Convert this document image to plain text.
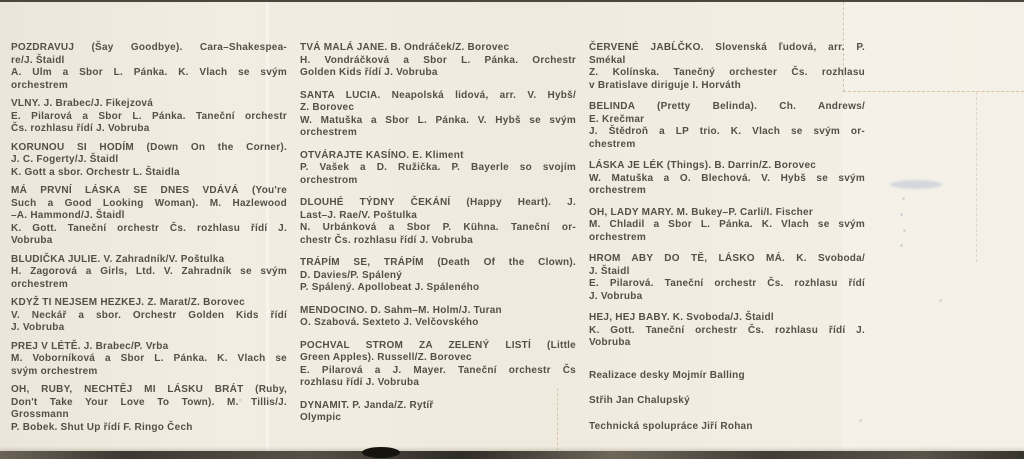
POZDRAVUJ (Šay Goodbye). Cara–Shakespea-
re/J. Štaidl
A. Ulm a Sbor L. Pánka. K. Vlach se svým
orchestrem
VLNY. J. Brabec/J. Fikejzová
E. Pilarová a Sbor L. Pánka. Taneční orchestr
Čs. rozhlasu řídí J. Vobruba
KORUNOU SI HODÍM (Down On the Corner).
J. C. Fogerty/J. Štaidl
K. Gott a sbor. Orchestr L. Štaidla
MÁ PRVNÍ LÁSKA SE DNES VDÁVÁ (You're
Such a Good Looking Woman). M. Hazlewood
–A. Hammond/J. Štaidl
K. Gott. Taneční orchestr Čs. rozhlasu řídí J.
Vobruba
BLUDIČKA JULIE. V. Zahradník/V. Poštulka
H. Zagorová a Girls, Ltd. V. Zahradník se svým
orchestrem
KDYŽ TI NEJSEM HEZKEJ. Z. Marat/Z. Borovec
V. Neckář a sbor. Orchestr Golden Kids řídí
J. Vobruba
PREJ V LÉTĚ. J. Brabec/P. Vrba
M. Voborníková a Sbor L. Pánka. K. Vlach se
svým orchestrem
OH, RUBY, NECHTĚJ MI LÁSKU BRÁT (Ruby,
Don't Take Your Love To Town). M. Tillis/J.
Grossmann
P. Bobek. Shut Up řídí F. Ringo Čech
TVÁ MALÁ JANE. B. Ondráček/Z. Borovec
H. Vondráčková a Sbor L. Pánka. Orchestr
Golden Kids řídí J. Vobruba
SANTA LUCIA. Neapolská lidová, arr. V. Hybš/
Z. Borovec
W. Matuška a Sbor L. Pánka. V. Hybš se svým
orchestrem
OTVÁRAJTE KASÍNO. E. Kliment
P. Vašek a D. Ružička. P. Bayerle so svojím
orchestrom
DLOUHÉ TÝDNY ČEKÁNÍ (Happy Heart). J.
Last–J. Rae/V. Poštulka
N. Urbánková a Sbor P. Kühna. Taneční or-
chestr Čs. rozhlasu řídí J. Vobruba
TRÁPÍM SE, TRÁPÍM (Death Of the Clown).
D. Davies/P. Spálený
P. Spálený. Apollobeat J. Spáleného
MENDOCINO. D. Sahm–M. Holm/J. Turan
O. Szabová. Sexteto J. Velčovského
POCHVAL STROM ZA ZELENÝ LISTÍ (Little
Green Apples). Russell/Z. Borovec
E. Pilarová a J. Mayer. Taneční orchestr Čs
rozhlasu řídí J. Vobruba
DYNAMIT. P. Janda/Z. Rytíř
Olympic
ČERVENÉ JABĹČKO. Slovenská ľudová, arr. P.
Smékal
Z. Kolínska. Tanečný orchester Čs. rozhlasu
v Bratislave diriguje I. Horváth
BELINDA (Pretty Belinda). Ch. Andrews/
E. Krečmar
J. Štědroň a LP trio. K. Vlach se svým or-
chestrem
LÁSKA JE LÉK (Things). B. Darrin/Z. Borovec
W. Matuška a O. Blechová. V. Hybš se svým
orchestrem
OH, LADY MARY. M. Bukey–P. Carli/I. Fischer
M. Chladil a Sbor L. Pánka. K. Vlach se svým
orchestrem
HROM ABY DO TĚ, LÁSKO MÁ. K. Svoboda/
J. Štaidl
E. Pilarová. Taneční orchestr Čs. rozhlasu řídí
J. Vobruba
HEJ, HEJ BABY. K. Svoboda/J. Štaidl
K. Gott. Taneční orchestr Čs. rozhlasu řídí J.
Vobruba
Realizace desky Mojmír Balling
Střih Jan Chalupský
Technická spolupráce Jiří Rohan
